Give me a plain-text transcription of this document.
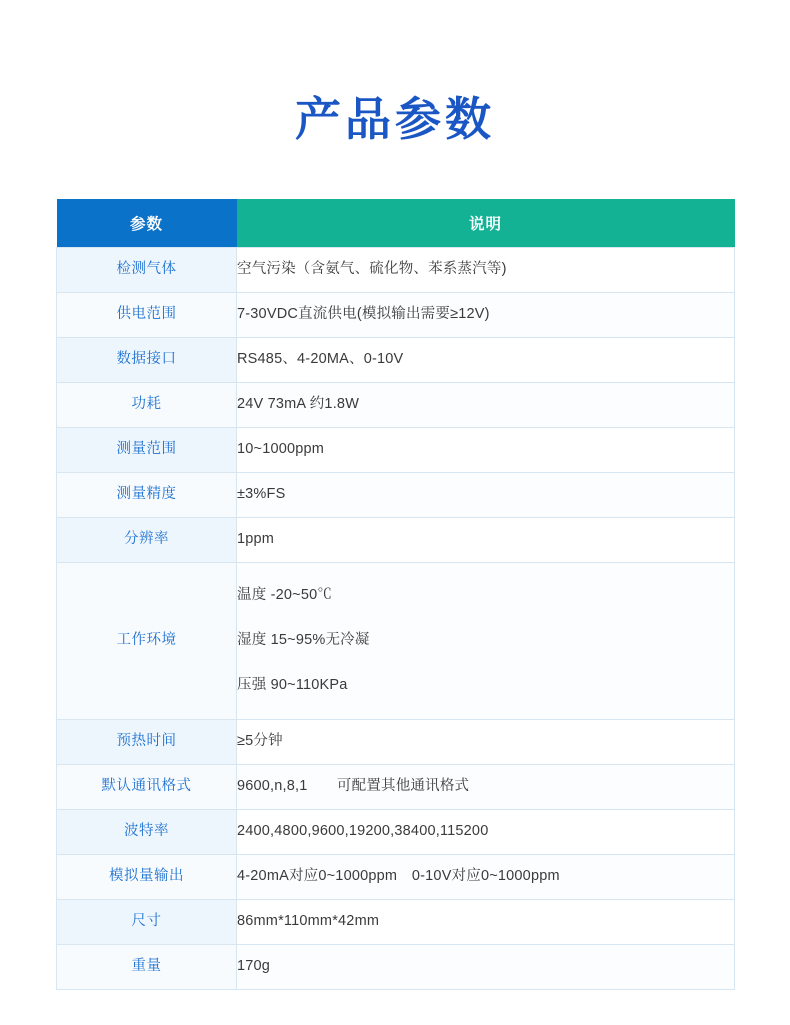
产品参数
参数	说明
检测气体	空气污染（含氨气、硫化物、苯系蒸汽等)
供电范围	7-30VDC直流供电(模拟输出需要≥12V)
数据接口	RS485、4-20MA、0-10V
功耗	24V 73mA 约1.8W
测量范围	10~1000ppm
测量精度	±3%FS
分辨率	1ppm
工作环境	温度 -20~50℃
湿度 15~95%无冷凝
压强 90~110KPa

预热时间	≥5分钟
默认通讯格式	9600,n,8,1　　可配置其他通讯格式
波特率	2400,4800,9600,19200,38400,115200
模拟量输出	4-20mA对应0~1000ppm　0-10V对应0~1000ppm
尺寸	86mm*110mm*42mm
重量	170g
